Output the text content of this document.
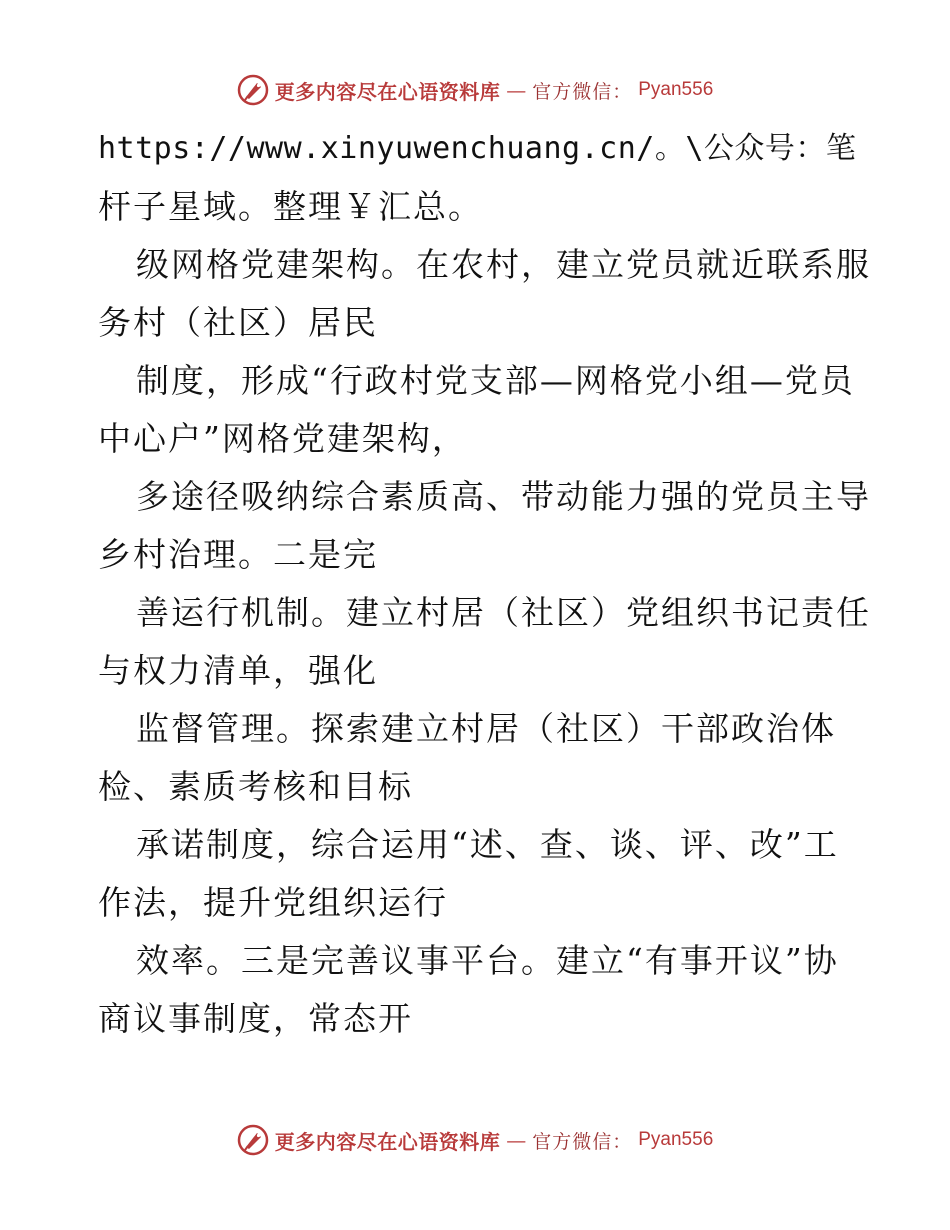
更多内容尽在心语资料库 — 官方微信： Pyan556
https://www.xinyuwenchuang.cn/。\公众号：笔
杆子星域。整理￥汇总。
级网格党建架构。在农村，建立党员就近联系服
务村（社区）居民
制度，形成“行政村党支部—网格党小组—党员
中心户”网格党建架构，
多途径吸纳综合素质高、带动能力强的党员主导
乡村治理。二是完
善运行机制。建立村居（社区）党组织书记责任
与权力清单，强化
监督管理。探索建立村居（社区）干部政治体
检、素质考核和目标
承诺制度，综合运用“述、查、谈、评、改”工
作法，提升党组织运行
效率。三是完善议事平台。建立“有事开议”协
商议事制度，常态开
更多内容尽在心语资料库 — 官方微信： Pyan556
